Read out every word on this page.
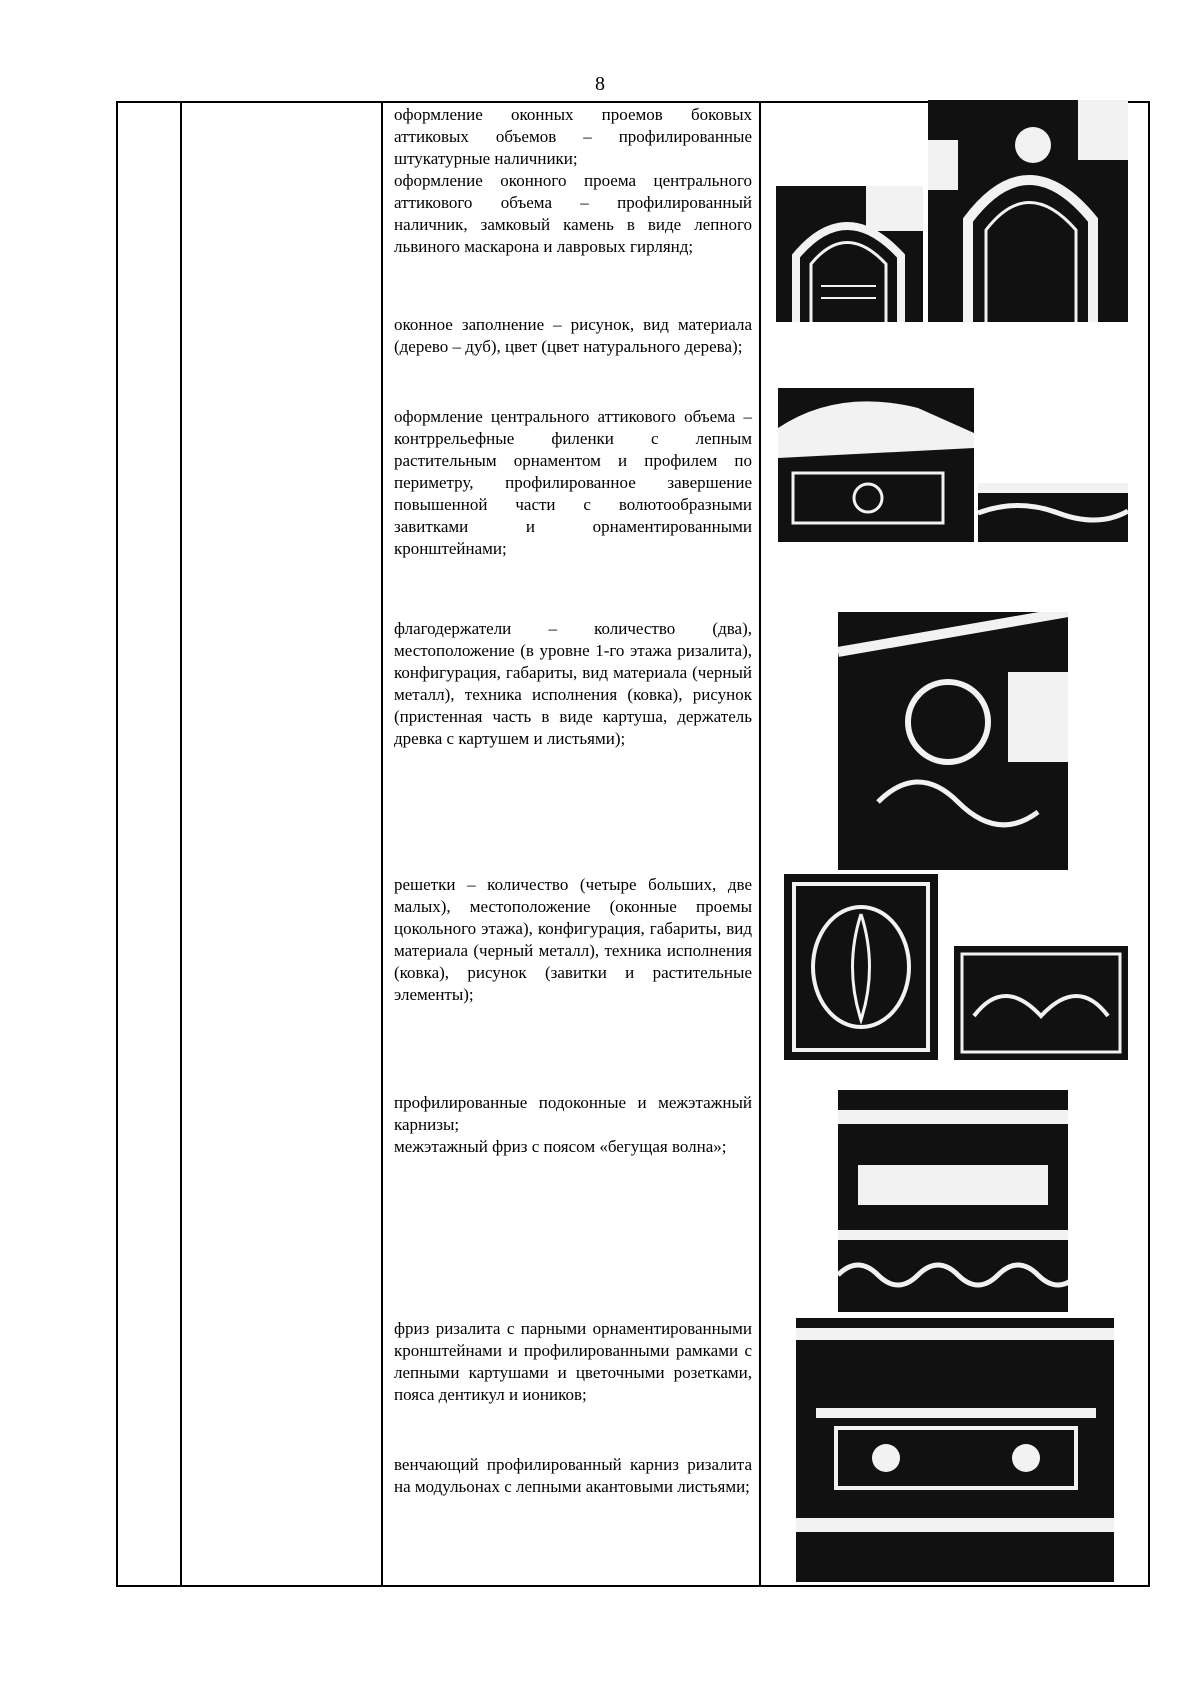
8

оформление оконных проемов боковых аттиковых объемов – профилированные штукатурные наличники;

оформление оконного проема центрального аттикового объема – профилированный наличник, замковый камень в виде лепного львиного маскарона и лавровых гирлянд;

оконное заполнение – рисунок, вид материала (дерево – дуб), цвет (цвет натурального дерева);

оформление центрального аттикового объема – контррельефные филенки с лепным растительным орнаментом и профилем по периметру, профилированное завершение повышенной части с волютообразными завитками и орнаментированными кронштейнами;

флагодержатели – количество (два), местоположение (в уровне 1-го этажа ризалита), конфигурация, габариты, вид материала (черный металл), техника исполнения (ковка), рисунок (пристенная часть в виде картуша, держатель древка с картушем и листьями);

решетки – количество (четыре больших, две малых), местоположение (оконные проемы цокольного этажа), конфигурация, габариты, вид материала (черный металл), техника исполнения (ковка), рисунок (завитки и растительные элементы);

профилированные подоконные и межэтажный карнизы;

межэтажный фриз с поясом «бегущая волна»;

фриз ризалита с парными орнаментированными кронштейнами и профилированными рамками с лепными картушами и цветочными розетками, пояса дентикул и иоников;

венчающий профилированный карниз ризалита на модульонах с лепными акантовыми листьями;
